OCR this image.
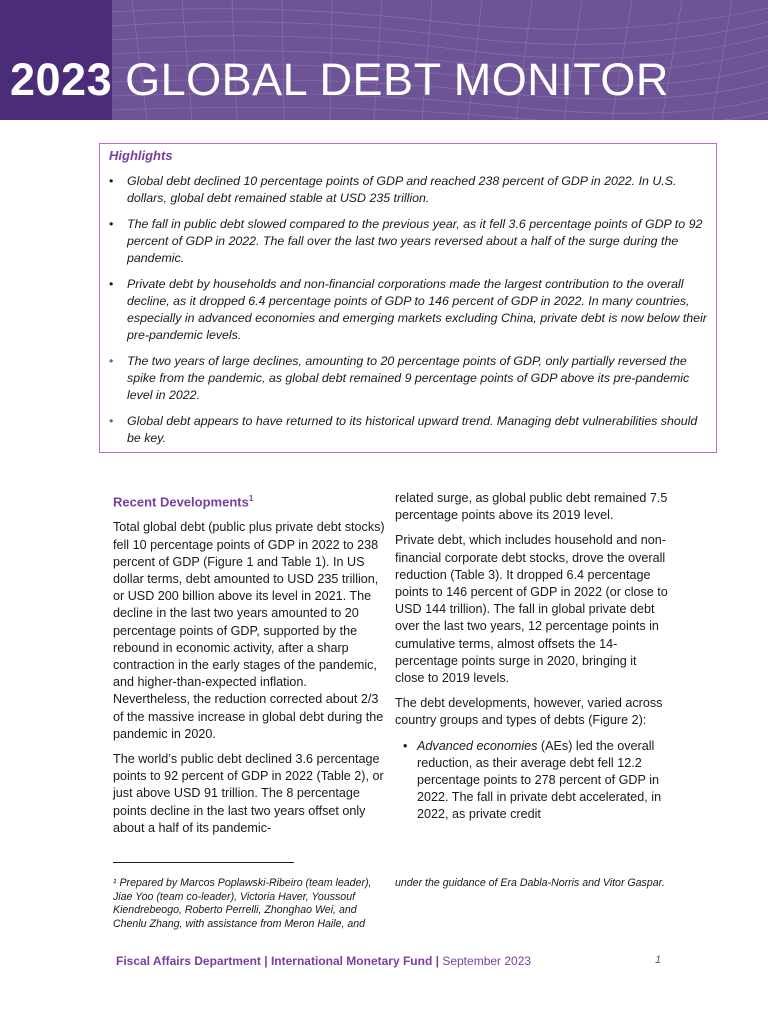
2023 GLOBAL DEBT MONITOR
Highlights
• Global debt declined 10 percentage points of GDP and reached 238 percent of GDP in 2022. In U.S. dollars, global debt remained stable at USD 235 trillion.
• The fall in public debt slowed compared to the previous year, as it fell 3.6 percentage points of GDP to 92 percent of GDP in 2022. The fall over the last two years reversed about a half of the surge during the pandemic.
• Private debt by households and non-financial corporations made the largest contribution to the overall decline, as it dropped 6.4 percentage points of GDP to 146 percent of GDP in 2022. In many countries, especially in advanced economies and emerging markets excluding China, private debt is now below their pre-pandemic levels.
• The two years of large declines, amounting to 20 percentage points of GDP, only partially reversed the spike from the pandemic, as global debt remained 9 percentage points of GDP above its pre-pandemic level in 2022.
• Global debt appears to have returned to its historical upward trend. Managing debt vulnerabilities should be key.
Recent Developments$^1$

Total global debt (public plus private debt stocks) fell 10 percentage points of GDP in 2022 to 238 percent of GDP (Figure 1 and Table 1). In US dollar terms, debt amounted to USD 235 trillion, or USD 200 billion above its level in 2021. The decline in the last two years amounted to 20 percentage points of GDP, supported by the rebound in economic activity, after a sharp contraction in the early stages of the pandemic, and higher-than-expected inflation. Nevertheless, the reduction corrected about 2/3 of the massive increase in global debt during the pandemic in 2020.

The world’s public debt declined 3.6 percentage points to 92 percent of GDP in 2022 (Table 2), or just above USD 91 trillion. The 8 percentage points decline in the last two years offset only about a half of its pandemic-

related surge, as global public debt remained 7.5 percentage points above its 2019 level.

Private debt, which includes household and non-financial corporate debt stocks, drove the overall reduction (Table 3). It dropped 6.4 percentage points to 146 percent of GDP in 2022 (or close to USD 144 trillion). The fall in global private debt over the last two years, 12 percentage points in cumulative terms, almost offsets the 14-percentage points surge in 2020, bringing it close to 2019 levels.

The debt developments, however, varied across country groups and types of debts (Figure 2):

• Advanced economies (AEs) led the overall reduction, as their average debt fell 12.2 percentage points to 278 percent of GDP in 2022. The fall in private debt accelerated, in 2022, as private credit
¹ Prepared by Marcos Poplawski-Ribeiro (team leader), Jiae Yoo (team co-leader), Victoria Haver, Youssouf Kiendrebeogo, Roberto Perrelli, Zhonghao Wei, and Chenlu Zhang, with assistance from Meron Haile, and
under the guidance of Era Dabla-Norris and Vitor Gaspar.
Fiscal Affairs Department | International Monetary Fund | September 2023	1
